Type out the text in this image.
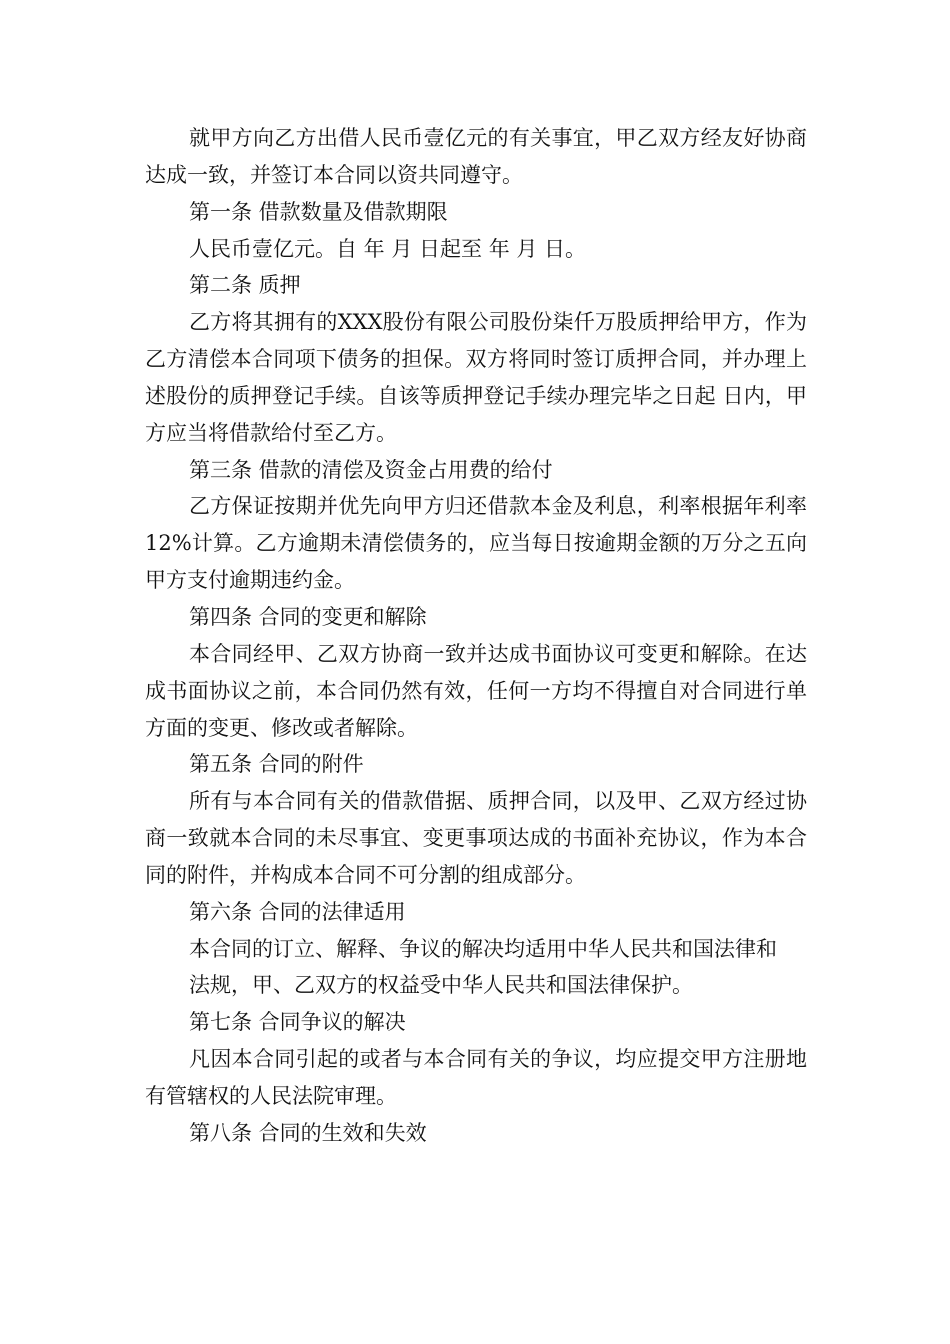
就甲方向乙方出借人民币壹亿元的有关事宜，甲乙双方经友好协商达成一致，并签订本合同以资共同遵守。

第一条 借款数量及借款期限

人民币壹亿元。自 年 月 日起至 年 月 日。

第二条 质押

乙方将其拥有的XXX股份有限公司股份柒仟万股质押给甲方，作为乙方清偿本合同项下债务的担保。双方将同时签订质押合同，并办理上述股份的质押登记手续。自该等质押登记手续办理完毕之日起 日内，甲方应当将借款给付至乙方。

第三条 借款的清偿及资金占用费的给付

乙方保证按期并优先向甲方归还借款本金及利息，利率根据年利率12%计算。乙方逾期未清偿债务的，应当每日按逾期金额的万分之五向甲方支付逾期违约金。

第四条 合同的变更和解除

本合同经甲、乙双方协商一致并达成书面协议可变更和解除。在达成书面协议之前，本合同仍然有效，任何一方均不得擅自对合同进行单方面的变更、修改或者解除。

第五条 合同的附件

所有与本合同有关的借款借据、质押合同，以及甲、乙双方经过协商一致就本合同的未尽事宜、变更事项达成的书面补充协议，作为本合同的附件，并构成本合同不可分割的组成部分。

第六条 合同的法律适用

本合同的订立、解释、争议的解决均适用中华人民共和国法律和

法规，甲、乙双方的权益受中华人民共和国法律保护。

第七条 合同争议的解决

凡因本合同引起的或者与本合同有关的争议，均应提交甲方注册地有管辖权的人民法院审理。

第八条 合同的生效和失效
